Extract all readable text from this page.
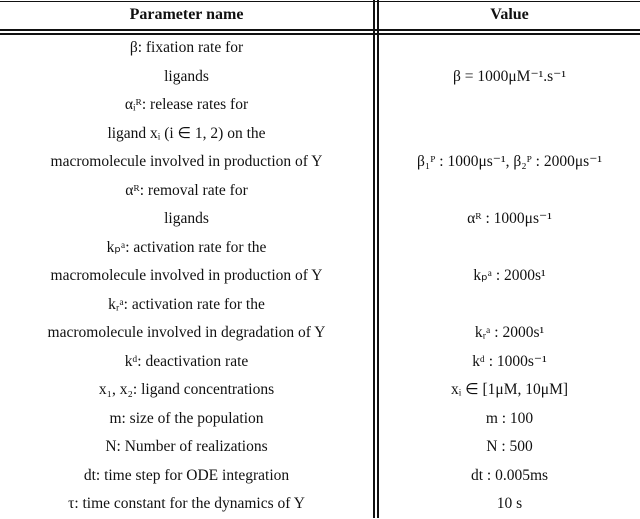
Parameter name	Value
β: fixation rate for
ligands	β = 1000μM⁻¹.s⁻¹
αᵢᴿ: release rates for
ligand xᵢ (i ∈ 1, 2) on the
macromolecule involved in production of Y	β₁ᴾ : 1000μs⁻¹, β₂ᴾ : 2000μs⁻¹
αᴿ: removal rate for
ligands	αᴿ : 1000μs⁻¹
kₚᵃ: activation rate for the
macromolecule involved in production of Y	kₚᵃ : 2000s¹
kᵣᵃ: activation rate for the
macromolecule involved in degradation of Y	kᵣᵃ : 2000s¹
kᵈ: deactivation rate	kᵈ : 1000s⁻¹
x₁, x₂: ligand concentrations	xᵢ ∈ [1μM, 10μM]
m: size of the population	m : 100
N: Number of realizations	N : 500
dt: time step for ODE integration	dt : 0.005ms
τ: time constant for the dynamics of Y	10 s
